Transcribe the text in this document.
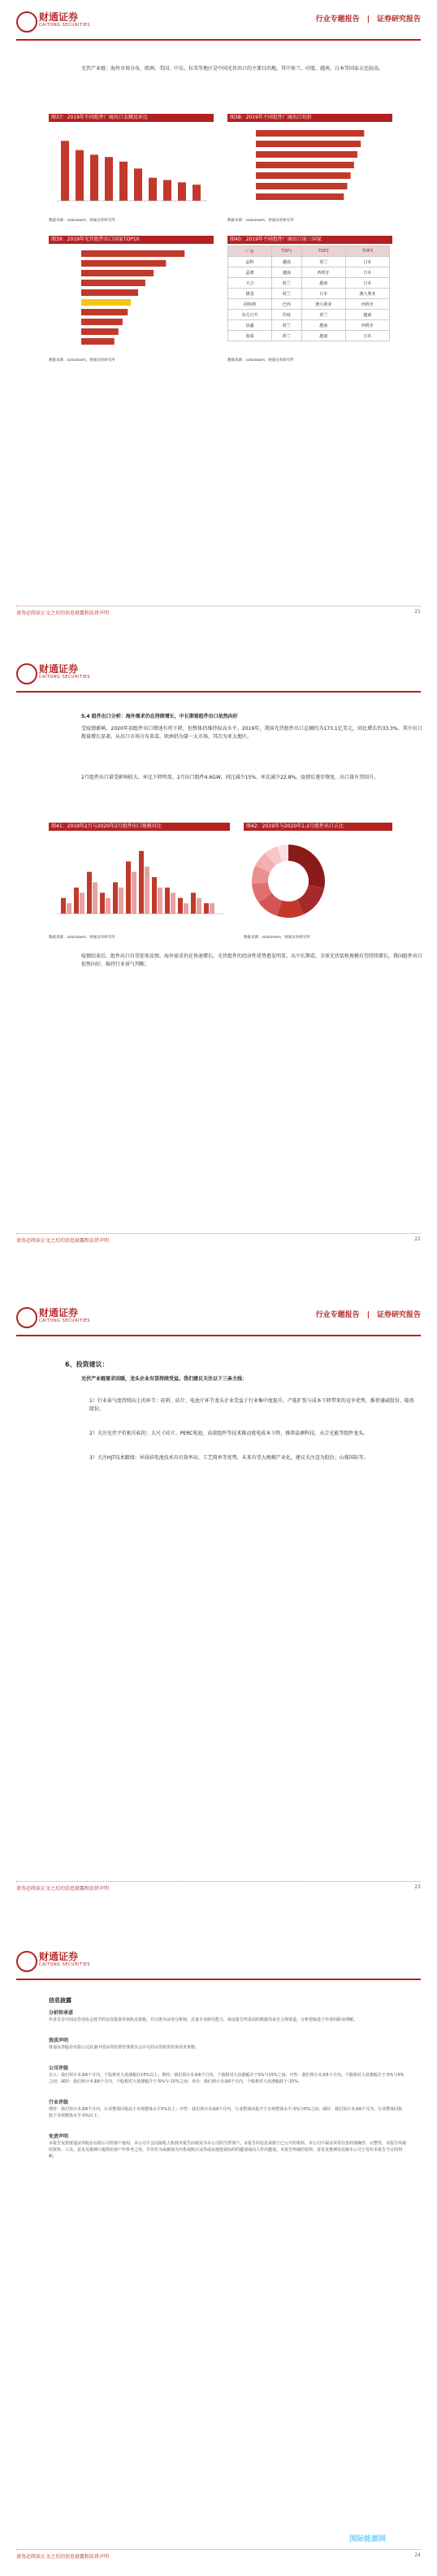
财通证券
CAITONG SECURITIES
行业专题报告　|　证券研究报告
光伏产业链：海外市场分布，欧洲、美国、中东、拉美等地区是中国光伏出口的主要目的地，其中荷兰、印度、越南、日本等国家占比较高。
图37：2019年不同组件厂商出口金额及环比	图38：2019年不同组件厂商出口均价
数据来源：solarzoom，财通证券研究所	数据来源：solarzoom，财通证券研究所
图39：2019年光伏组件出口国家TOP10	图40：2019年不同组件厂商出口前三国家
厂商	TOP1	TOP2	TOP3
晶科	越南	荷兰	日本
晶澳	越南	西班牙	日本
天合	荷兰	越南	日本
隆基	荷兰	日本	澳大利亚
阿特斯	巴西	澳大利亚	西班牙
东方日升	印度	荷兰	越南
协鑫	荷兰	越南	西班牙
海泰	荷兰	越南	日本
数据来源：solarzoom，财通证券研究所	数据来源：solarzoom，财通证券研究所
请务必阅读正文之后的信息披露和法律声明	21
财通证券
CAITONG SECURITIES
5.4 组件出口分析：海外需求仍在持续增长，中长期看组件出口依然向好
受疫情影响，2020年初组件出口增速有所下降，但整体仍维持较高水平。2019年，我国光伏组件出口总额约为173.1亿美元，同比增长约33.3%。其中出口数量增长显著。从出口市场分布来看，欧洲仍为第一大市场，其次为亚太地区。
2月组件出口量受影响较大，环比下降明显。2月出口组件4.6GW，同比减少15%，环比减少22.8%。疫情后逐步恢复，出口量有望回升。
图41：2019年2月与2020年2月组件出口规模对比	图42：2019年与2020年1-2月组件出口占比
数据来源：solarzoom，财通证券研究所	数据来源：solarzoom，财通证券研究所
疫情结束后，组件出口有望迎来反弹。海外需求仍在快速增长，光伏组件的经济性优势愈发明显。从中长期看，全球光伏装机规模有望持续增长，我国组件出口依然向好，维持行业景气判断。
请务必阅读正文之后的信息披露和法律声明	22
财通证券
CAITONG SECURITIES
行业专题报告　|　证券研究报告
6、投资建议：
光伏产业链需求回暖，龙头企业有望持续受益。我们建议关注以下三条主线：
1）行业景气度持续向上的环节：硅料、硅片、电池片环节龙头企业受益于行业集中度提升，产能扩张与成本下降带来的竞争优势，推荐通威股份、隆基股份。
2）关注光伏平价相关标的：大尺寸硅片、PERC电池、高效组件等技术推动度电成本下降，推荐晶澳科技、天合光能等组件龙头。
3）关注HJT技术路线：异质结电池技术具有效率高、工艺简单等优势，未来有望大规模产业化，建议关注迈为股份、山煤国际等。
请务必阅读正文之后的信息披露和法律声明	23
财通证券
CAITONG SECURITIES
信息披露
分析师承诺
作者具有中国证券业协会授予的证券投资咨询执业资格，并注册为证券分析师，具备专业胜任能力，保证报告所采用的数据均来自合规渠道，分析逻辑基于作者的职业理解。
资质声明
财通证券股份有限公司具备中国证券监督管理委员会许可的证券投资咨询业务资格。
公司评级
买入：我们预计未来6个月内，个股相对大盘涨幅在15%以上；增持：我们预计未来6个月内，个股相对大盘涨幅介于5%与15%之间；中性：我们预计未来6个月内，个股相对大盘涨幅介于-5%与5%之间；减持：我们预计未来6个月内，个股相对大盘涨幅介于-5%与-15%之间；卖出：我们预计未来6个月内，个股相对大盘涨幅低于-15%。
行业评级
增持：我们预计未来6个月内，行业整体回报高于市场整体水平5%以上；中性：我们预计未来6个月内，行业整体回报介于市场整体水平-5%与5%之间；减持：我们预计未来6个月内，行业整体回报低于市场整体水平-5%以下。
免责声明
本报告仅供财通证券股份有限公司的客户使用。本公司不会因接收人收到本报告而视其为本公司的当然客户。本报告的信息来源于已公开的资料，本公司不保证该等信息的准确性、完整性。本报告所载的资料、工具、意见及推测只提供给客户作参考之用，并非作为或被视为出售或购买证券或其他投资标的的邀请或向人作出邀请。本报告所载的资料、意见及推测仅反映本公司于发布本报告当日的判断。
国际能源网
请务必阅读正文之后的信息披露和法律声明	24
